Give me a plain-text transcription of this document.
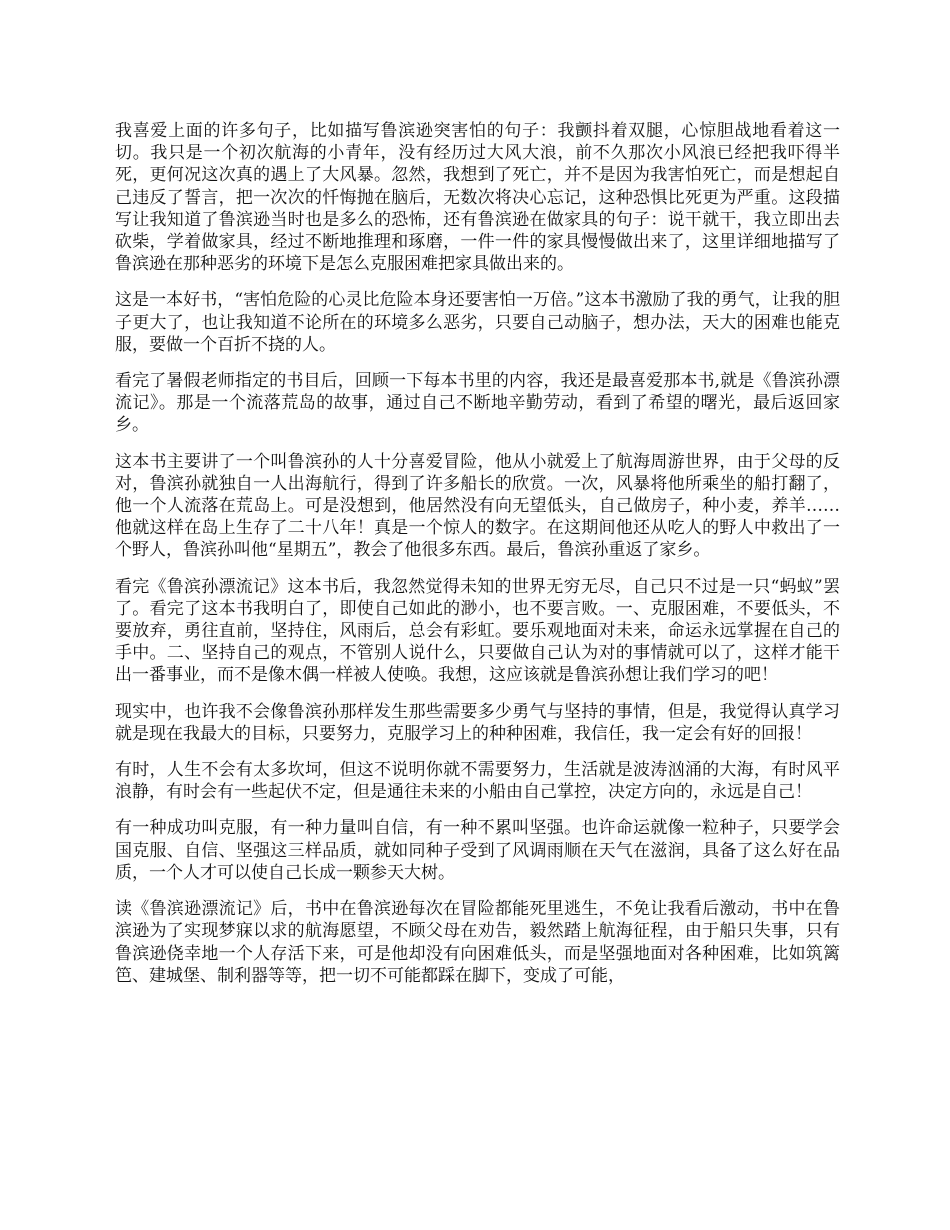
我喜爱上面的许多句子，比如描写鲁滨逊突害怕的句子：我颤抖着双腿，心惊胆战地看着这一切。我只是一个初次航海的小青年，没有经历过大风大浪，前不久那次小风浪已经把我吓得半死，更何况这次真的遇上了大风暴。忽然，我想到了死亡，并不是因为我害怕死亡，而是想起自己违反了誓言，把一次次的忏悔抛在脑后，无数次将决心忘记，这种恐惧比死更为严重。这段描写让我知道了鲁滨逊当时也是多么的恐怖，还有鲁滨逊在做家具的句子：说干就干，我立即出去砍柴，学着做家具，经过不断地推理和琢磨，一件一件的家具慢慢做出来了，这里详细地描写了鲁滨逊在那种恶劣的环境下是怎么克服困难把家具做出来的。

这是一本好书，“害怕危险的心灵比危险本身还要害怕一万倍。”这本书激励了我的勇气，让我的胆子更大了，也让我知道不论所在的环境多么恶劣，只要自己动脑子，想办法，天大的困难也能克服，要做一个百折不挠的人。

看完了暑假老师指定的书目后，回顾一下每本书里的内容，我还是最喜爱那本书,就是《鲁滨孙漂流记》。那是一个流落荒岛的故事，通过自己不断地辛勤劳动，看到了希望的曙光，最后返回家乡。

这本书主要讲了一个叫鲁滨孙的人十分喜爱冒险，他从小就爱上了航海周游世界，由于父母的反对，鲁滨孙就独自一人出海航行，得到了许多船长的欣赏。一次，风暴将他所乘坐的船打翻了，他一个人流落在荒岛上。可是没想到，他居然没有向无望低头，自己做房子，种小麦，养羊……他就这样在岛上生存了二十八年！真是一个惊人的数字。在这期间他还从吃人的野人中救出了一个野人，鲁滨孙叫他“星期五”，教会了他很多东西。最后，鲁滨孙重返了家乡。

看完《鲁滨孙漂流记》这本书后，我忽然觉得未知的世界无穷无尽，自己只不过是一只“蚂蚁”罢了。看完了这本书我明白了，即使自己如此的渺小，也不要言败。一、克服困难，不要低头，不要放弃，勇往直前，坚持住，风雨后，总会有彩虹。要乐观地面对未来，命运永远掌握在自己的手中。二、坚持自己的观点，不管别人说什么，只要做自己认为对的事情就可以了，这样才能干出一番事业，而不是像木偶一样被人使唤。我想，这应该就是鲁滨孙想让我们学习的吧！

现实中，也许我不会像鲁滨孙那样发生那些需要多少勇气与坚持的事情，但是，我觉得认真学习就是现在我最大的目标，只要努力，克服学习上的种种困难，我信任，我一定会有好的回报！

有时，人生不会有太多坎坷，但这不说明你就不需要努力，生活就是波涛汹涌的大海，有时风平浪静，有时会有一些起伏不定，但是通往未来的小船由自己掌控，决定方向的，永远是自己！

有一种成功叫克服，有一种力量叫自信，有一种不累叫坚强。也许命运就像一粒种子，只要学会国克服、自信、坚强这三样品质，就如同种子受到了风调雨顺在天气在滋润，具备了这么好在品质，一个人才可以使自己长成一颗参天大树。

读《鲁滨逊漂流记》后，书中在鲁滨逊每次在冒险都能死里逃生，不免让我看后激动，书中在鲁滨逊为了实现梦寐以求的航海愿望，不顾父母在劝告，毅然踏上航海征程，由于船只失事，只有鲁滨逊侥幸地一个人存活下来，可是他却没有向困难低头，而是坚强地面对各种困难，比如筑篱笆、建城堡、制利器等等，把一切不可能都踩在脚下，变成了可能，
